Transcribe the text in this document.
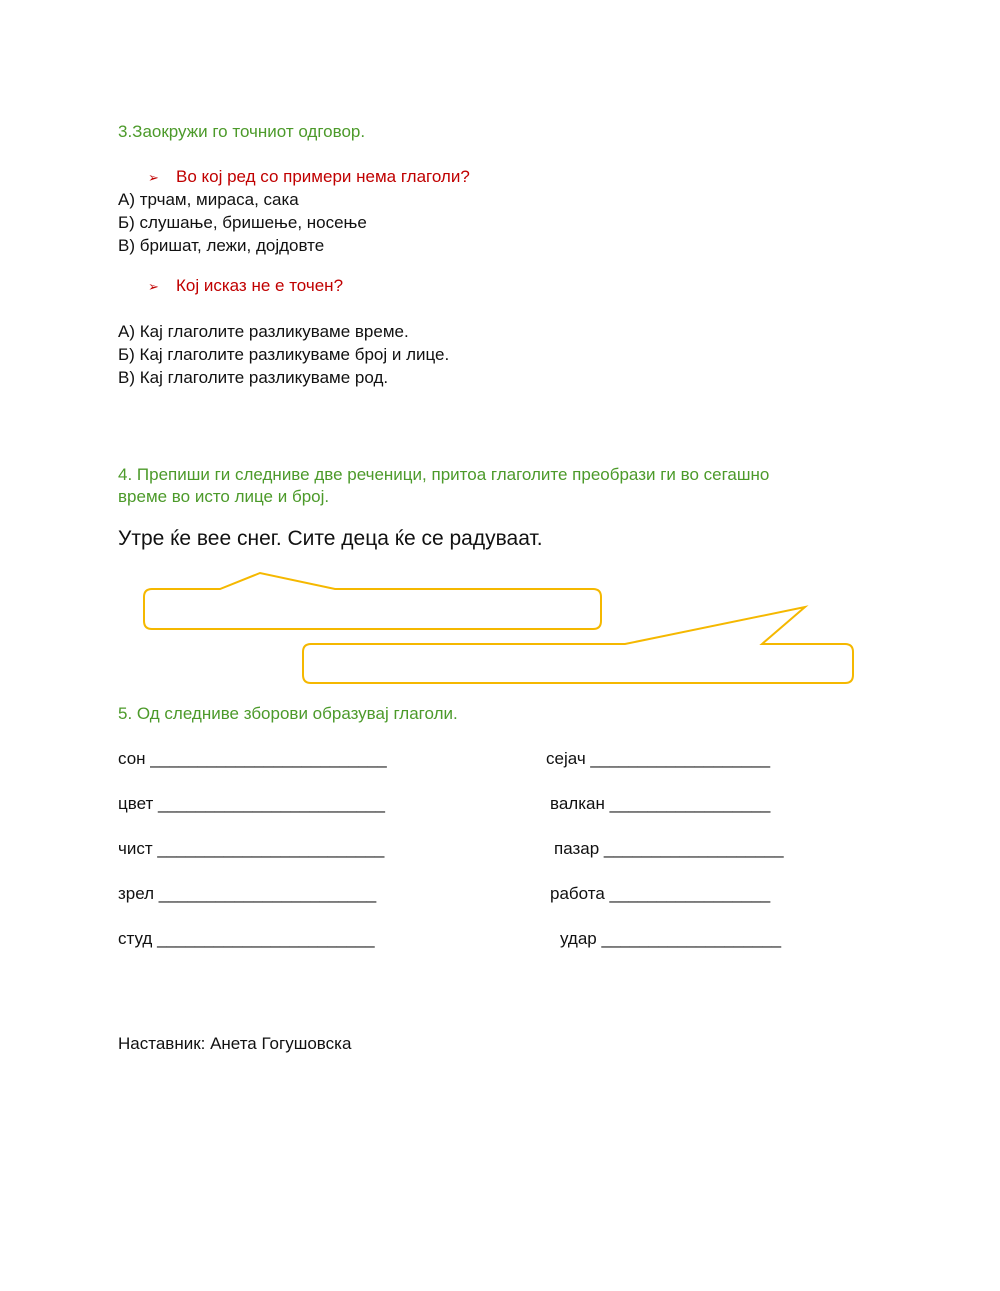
3.Заокружи го точниот одговор.
➢ Во кој ред со примери нема глаголи?
А) трчам, мираса, сака
Б) слушање, бришење, носење
В) бришат, лежи, дојдовте
➢ Кој исказ не е точен?
А) Кај глаголите разликуваме време.
Б) Кај глаголите разликуваме број и лице.
В) Кај глаголите разликуваме род.
4. Препиши ги следниве две реченици, притоа глаголите преобрази ги во сегашно
време во исто лице и број.
Утре ќе вее снег. Сите деца ќе се радуваат.
5. Од следниве зборови образувај глаголи.
сон _________________________
цвет ________________________
чист ________________________
зрел _______________________
студ _______________________
сејач ___________________
валкан _________________
пазар ___________________
работа _________________
удар ___________________
Наставник: Анета Гогушовска
